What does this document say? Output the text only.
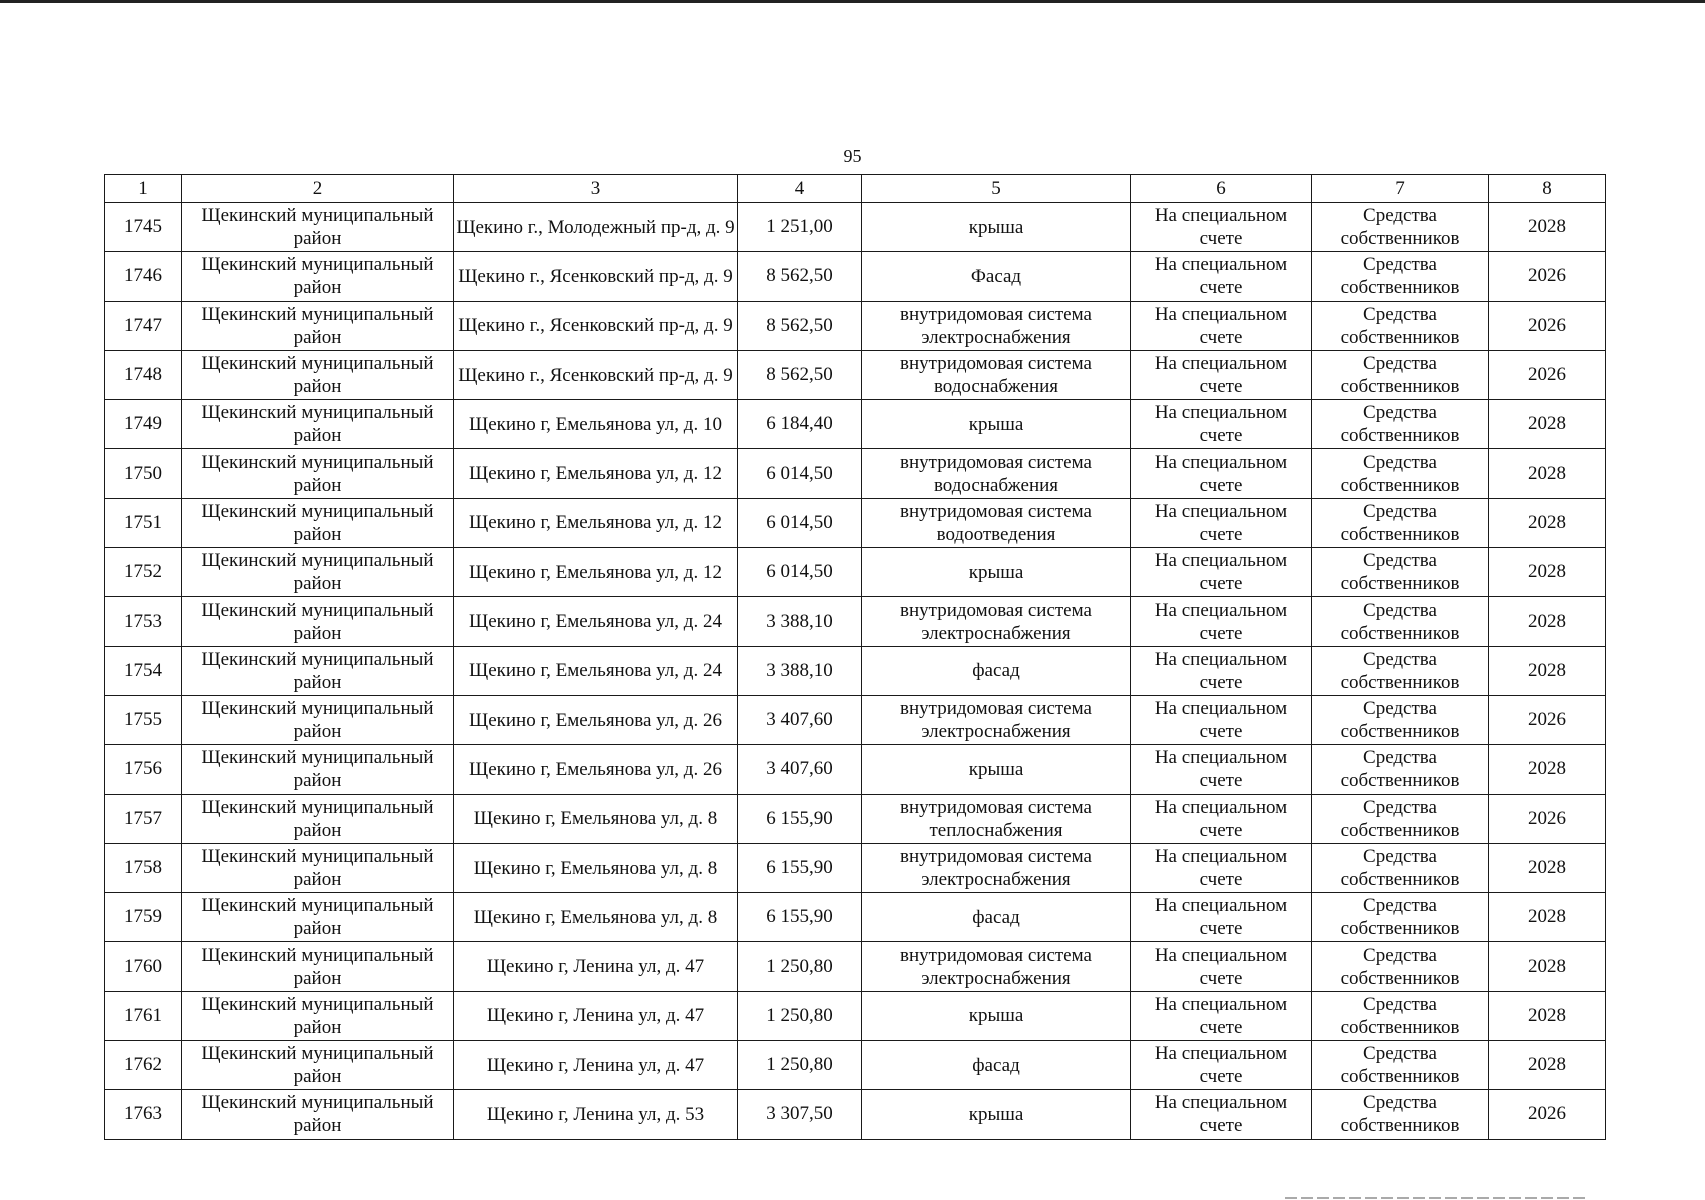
95
1	2	3	4	5	6	7	8
1745	Щекинский муниципальный район	Щекино г., Молодежный пр-д, д. 9	1 251,00	крыша	На специальном счете	Средства собственников	2028
1746	Щекинский муниципальный район	Щекино г., Ясенковский пр-д, д. 9	8 562,50	Фасад	На специальном счете	Средства собственников	2026
1747	Щекинский муниципальный район	Щекино г., Ясенковский пр-д, д. 9	8 562,50	внутридомовая система электроснабжения	На специальном счете	Средства собственников	2026
1748	Щекинский муниципальный район	Щекино г., Ясенковский пр-д, д. 9	8 562,50	внутридомовая система водоснабжения	На специальном счете	Средства собственников	2026
1749	Щекинский муниципальный район	Щекино г, Емельянова ул, д. 10	6 184,40	крыша	На специальном счете	Средства собственников	2028
1750	Щекинский муниципальный район	Щекино г, Емельянова ул, д. 12	6 014,50	внутридомовая система водоснабжения	На специальном счете	Средства собственников	2028
1751	Щекинский муниципальный район	Щекино г, Емельянова ул, д. 12	6 014,50	внутридомовая система водоотведения	На специальном счете	Средства собственников	2028
1752	Щекинский муниципальный район	Щекино г, Емельянова ул, д. 12	6 014,50	крыша	На специальном счете	Средства собственников	2028
1753	Щекинский муниципальный район	Щекино г, Емельянова ул, д. 24	3 388,10	внутридомовая система электроснабжения	На специальном счете	Средства собственников	2028
1754	Щекинский муниципальный район	Щекино г, Емельянова ул, д. 24	3 388,10	фасад	На специальном счете	Средства собственников	2028
1755	Щекинский муниципальный район	Щекино г, Емельянова ул, д. 26	3 407,60	внутридомовая система электроснабжения	На специальном счете	Средства собственников	2026
1756	Щекинский муниципальный район	Щекино г, Емельянова ул, д. 26	3 407,60	крыша	На специальном счете	Средства собственников	2028
1757	Щекинский муниципальный район	Щекино г, Емельянова ул, д. 8	6 155,90	внутридомовая система теплоснабжения	На специальном счете	Средства собственников	2026
1758	Щекинский муниципальный район	Щекино г, Емельянова ул, д. 8	6 155,90	внутридомовая система электроснабжения	На специальном счете	Средства собственников	2028
1759	Щекинский муниципальный район	Щекино г, Емельянова ул, д. 8	6 155,90	фасад	На специальном счете	Средства собственников	2028
1760	Щекинский муниципальный район	Щекино г, Ленина ул, д. 47	1 250,80	внутридомовая система электроснабжения	На специальном счете	Средства собственников	2028
1761	Щекинский муниципальный район	Щекино г, Ленина ул, д. 47	1 250,80	крыша	На специальном счете	Средства собственников	2028
1762	Щекинский муниципальный район	Щекино г, Ленина ул, д. 47	1 250,80	фасад	На специальном счете	Средства собственников	2028
1763	Щекинский муниципальный район	Щекино г, Ленина ул, д. 53	3 307,50	крыша	На специальном счете	Средства собственников	2026
